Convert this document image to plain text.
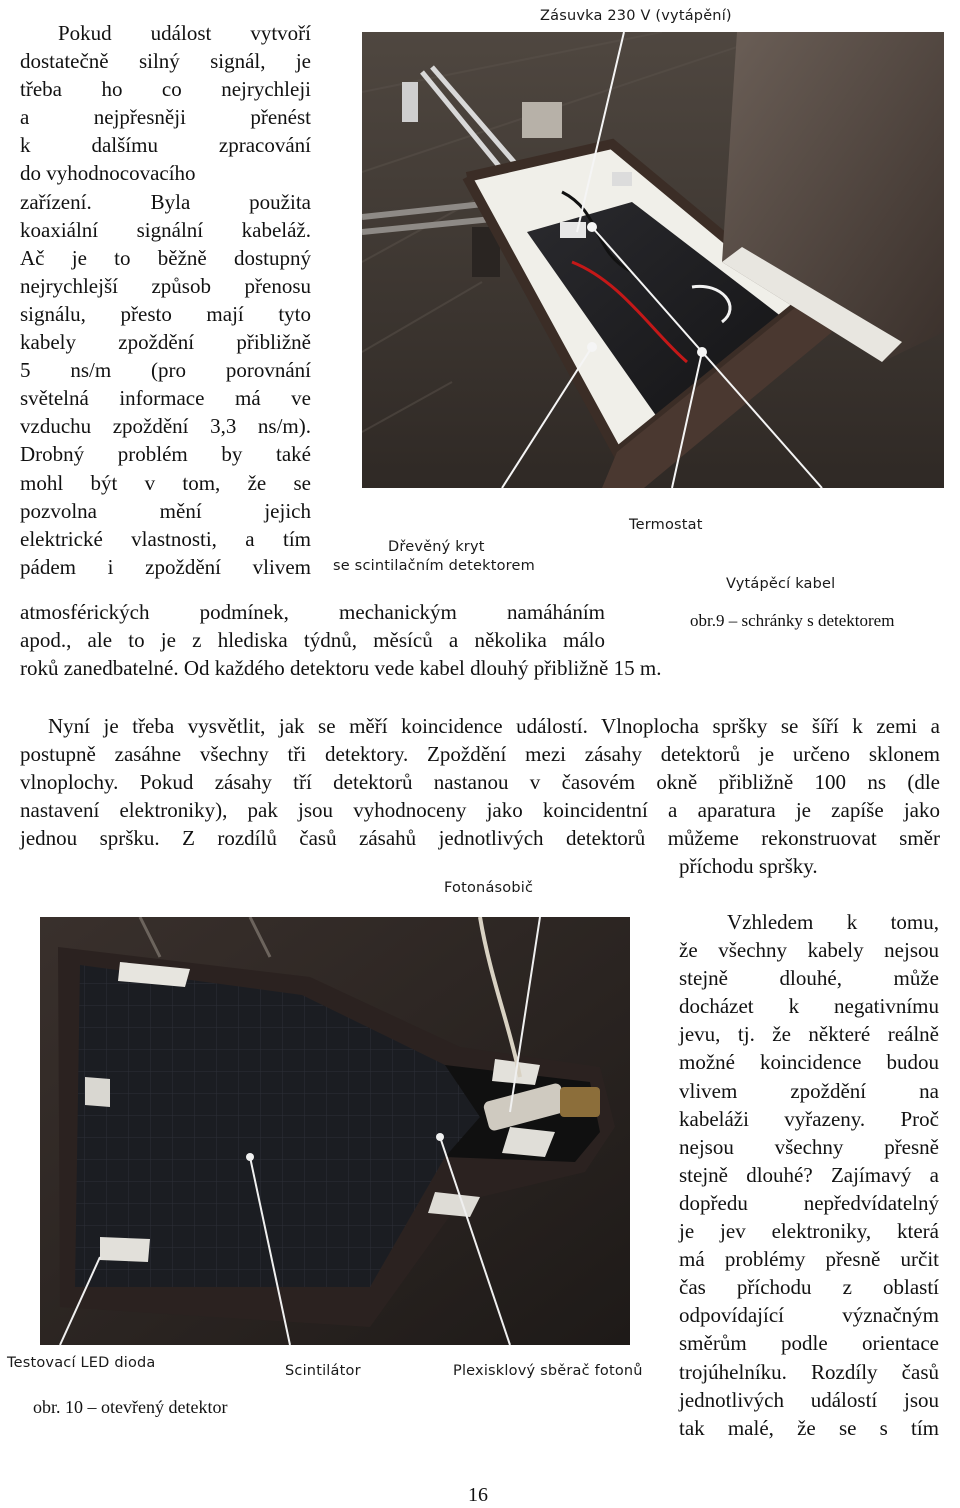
Pokud událost vytvoří
dostatečně silný signál, je
třeba ho co nejrychleji
a nejpřesněji přenést
k dalšímu zpracování
do vyhodnocovacího
zařízení. Byla použita
koaxiální signální kabeláž.
Ač je to běžně dostupný
nejrychlejší způsob přenosu
signálu, přesto mají tyto
kabely zpoždění přibližně
5 ns/m (pro porovnání
světelná informace má ve
vzduchu zpoždění 3,3 ns/m).
Drobný problém by také
mohl být v tom, že se
pozvolna mění jejich
elektrické vlastnosti, a tím
pádem i zpoždění vlivem
Zásuvka 230 V (vytápění)
Dřevěný kryt
se scintilačním detektorem
Termostat
Vytápěcí kabel
atmosférických podmínek, mechanickým namáháním
apod., ale to je z hlediska týdnů, měsíců a několika málo
roků zanedbatelné. Od každého detektoru vede kabel dlouhý přibližně 15 m.
obr.9 – schránky s detektorem
Nyní je třeba vysvětlit, jak se měří koincidence událostí. Vlnoplocha spršky se šíří k zemi a
postupně zasáhne všechny tři detektory. Zpoždění mezi zásahy detektorů je určeno sklonem
vlnoplochy. Pokud zásahy tří detektorů nastanou v časovém okně přibližně 100 ns (dle
nastavení elektroniky), pak jsou vyhodnoceny jako koincidentní a aparatura je zapíše jako
jednou spršku. Z rozdílů časů zásahů jednotlivých detektorů můžeme rekonstruovat směr
příchodu spršky.
Fotonásobič
Testovací LED dioda	Scintilátor	Plexisklový sběrač fotonů
obr. 10 – otevřený detektor
Vzhledem k tomu,
že všechny kabely nejsou
stejně dlouhé, může
docházet k negativnímu
jevu, tj. že některé reálně
možné koincidence budou
vlivem zpoždění na
kabeláži vyřazeny. Proč
nejsou všechny přesně
stejně dlouhé? Zajímavý a
dopředu nepředvídatelný
je jev elektroniky, která
má problémy přesně určit
čas příchodu z oblastí
odpovídající význačným
směrům podle orientace
trojúhelníku. Rozdíly časů
jednotlivých událostí jsou
tak malé, že se s tím
16
